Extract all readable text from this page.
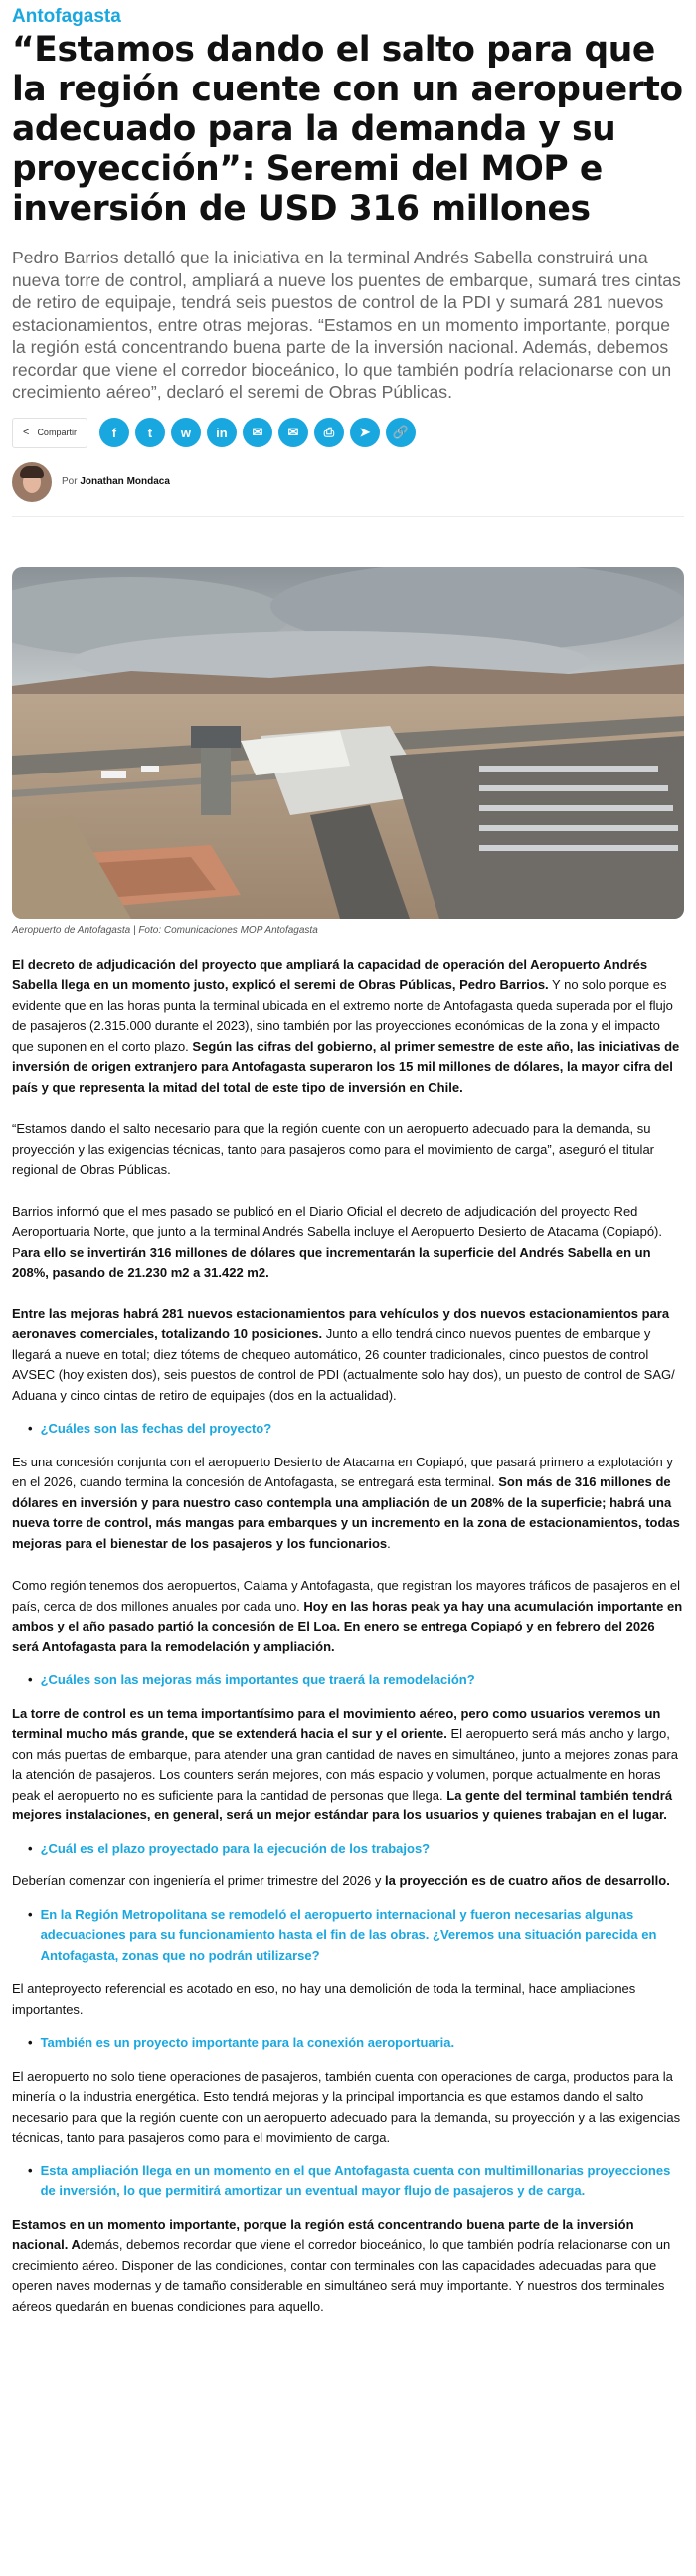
Antofagasta
“Estamos dando el salto para que la región cuente con un aeropuerto adecuado para la demanda y su proyección”: Seremi del MOP e inversión de USD 316 millones

Pedro Barrios detalló que la iniciativa en la terminal Andrés Sabella construirá una nueva torre de control, ampliará a nueve los puentes de embarque, sumará tres cintas de retiro de equipaje, tendrá seis puestos de control de la PDI y sumará 281 nuevos estacionamientos, entre otras mejoras. “Estamos en un momento importante, porque la región está concentrando buena parte de la inversión nacional. Además, debemos recordar que viene el corredor bioceánico, lo que también podría relacionarse con un crecimiento aéreo”, declaró el seremi de Obras Públicas.

< Compartir	f	t	w	in	✉	✉	⎙	➤	🔗
Por Jonathan Mondaca
Aeropuerto de Antofagasta | Foto: Comunicaciones MOP Antofagasta

El decreto de adjudicación del proyecto que ampliará la capacidad de operación del Aeropuerto Andrés Sabella llega en un momento justo, explicó el seremi de Obras Públicas, Pedro Barrios. Y no solo porque es evidente que en las horas punta la terminal ubicada en el extremo norte de Antofagasta queda superada por el flujo de pasajeros (2.315.000 durante el 2023), sino también por las proyecciones económicas de la zona y el impacto que suponen en el corto plazo. Según las cifras del gobierno, al primer semestre de este año, las iniciativas de inversión de origen extranjero para Antofagasta superaron los 15 mil millones de dólares, la mayor cifra del país y que representa la mitad del total de este tipo de inversión en Chile.

“Estamos dando el salto necesario para que la región cuente con un aeropuerto adecuado para la demanda, su proyección y las exigencias técnicas, tanto para pasajeros como para el movimiento de carga”, aseguró el titular regional de Obras Públicas.

Barrios informó que el mes pasado se publicó en el Diario Oficial el decreto de adjudicación del proyecto Red Aeroportuaria Norte, que junto a la terminal Andrés Sabella incluye el Aeropuerto Desierto de Atacama (Copiapó). Para ello se invertirán 316 millones de dólares que incrementarán la superficie del Andrés Sabella en un 208%, pasando de 21.230 m2 a 31.422 m2.

Entre las mejoras habrá 281 nuevos estacionamientos para vehículos y dos nuevos estacionamientos para aeronaves comerciales, totalizando 10 posiciones. Junto a ello tendrá cinco nuevos puentes de embarque y llegará a nueve en total; diez tótems de chequeo automático, 26 counter tradicionales, cinco puestos de control AVSEC (hoy existen dos), seis puestos de control de PDI (actualmente solo hay dos), un puesto de control de SAG/ Aduana y cinco cintas de retiro de equipajes (dos en la actualidad).

• ¿Cuáles son las fechas del proyecto?

Es una concesión conjunta con el aeropuerto Desierto de Atacama en Copiapó, que pasará primero a explotación y en el 2026, cuando termina la concesión de Antofagasta, se entregará esta terminal. Son más de 316 millones de dólares en inversión y para nuestro caso contempla una ampliación de un 208% de la superficie; habrá una nueva torre de control, más mangas para embarques y un incremento en la zona de estacionamientos, todas mejoras para el bienestar de los pasajeros y los funcionarios.

Como región tenemos dos aeropuertos, Calama y Antofagasta, que registran los mayores tráficos de pasajeros en el país, cerca de dos millones anuales por cada uno. Hoy en las horas peak ya hay una acumulación importante en ambos y el año pasado partió la concesión de El Loa. En enero se entrega Copiapó y en febrero del 2026 será Antofagasta para la remodelación y ampliación.

• ¿Cuáles son las mejoras más importantes que traerá la remodelación?

La torre de control es un tema importantísimo para el movimiento aéreo, pero como usuarios veremos un terminal mucho más grande, que se extenderá hacia el sur y el oriente. El aeropuerto será más ancho y largo, con más puertas de embarque, para atender una gran cantidad de naves en simultáneo, junto a mejores zonas para la atención de pasajeros. Los counters serán mejores, con más espacio y volumen, porque actualmente en horas peak el aeropuerto no es suficiente para la cantidad de personas que llega. La gente del terminal también tendrá mejores instalaciones, en general, será un mejor estándar para los usuarios y quienes trabajan en el lugar.

• ¿Cuál es el plazo proyectado para la ejecución de los trabajos?

Deberían comenzar con ingeniería el primer trimestre del 2026 y la proyección es de cuatro años de desarrollo.

• En la Región Metropolitana se remodeló el aeropuerto internacional y fueron necesarias algunas adecuaciones para su funcionamiento hasta el fin de las obras. ¿Veremos una situación parecida en Antofagasta, zonas que no podrán utilizarse?

El anteproyecto referencial es acotado en eso, no hay una demolición de toda la terminal, hace ampliaciones importantes.

• También es un proyecto importante para la conexión aeroportuaria.

El aeropuerto no solo tiene operaciones de pasajeros, también cuenta con operaciones de carga, productos para la minería o la industria energética. Esto tendrá mejoras y la principal importancia es que estamos dando el salto necesario para que la región cuente con un aeropuerto adecuado para la demanda, su proyección y a las exigencias técnicas, tanto para pasajeros como para el movimiento de carga.

• Esta ampliación llega en un momento en el que Antofagasta cuenta con multimillonarias proyecciones de inversión, lo que permitirá amortizar un eventual mayor flujo de pasajeros y de carga.

Estamos en un momento importante, porque la región está concentrando buena parte de la inversión nacional. Además, debemos recordar que viene el corredor bioceánico, lo que también podría relacionarse con un crecimiento aéreo. Disponer de las condiciones, contar con terminales con las capacidades adecuadas para que operen naves modernas y de tamaño considerable en simultáneo será muy importante. Y nuestros dos terminales aéreos quedarán en buenas condiciones para aquello.
